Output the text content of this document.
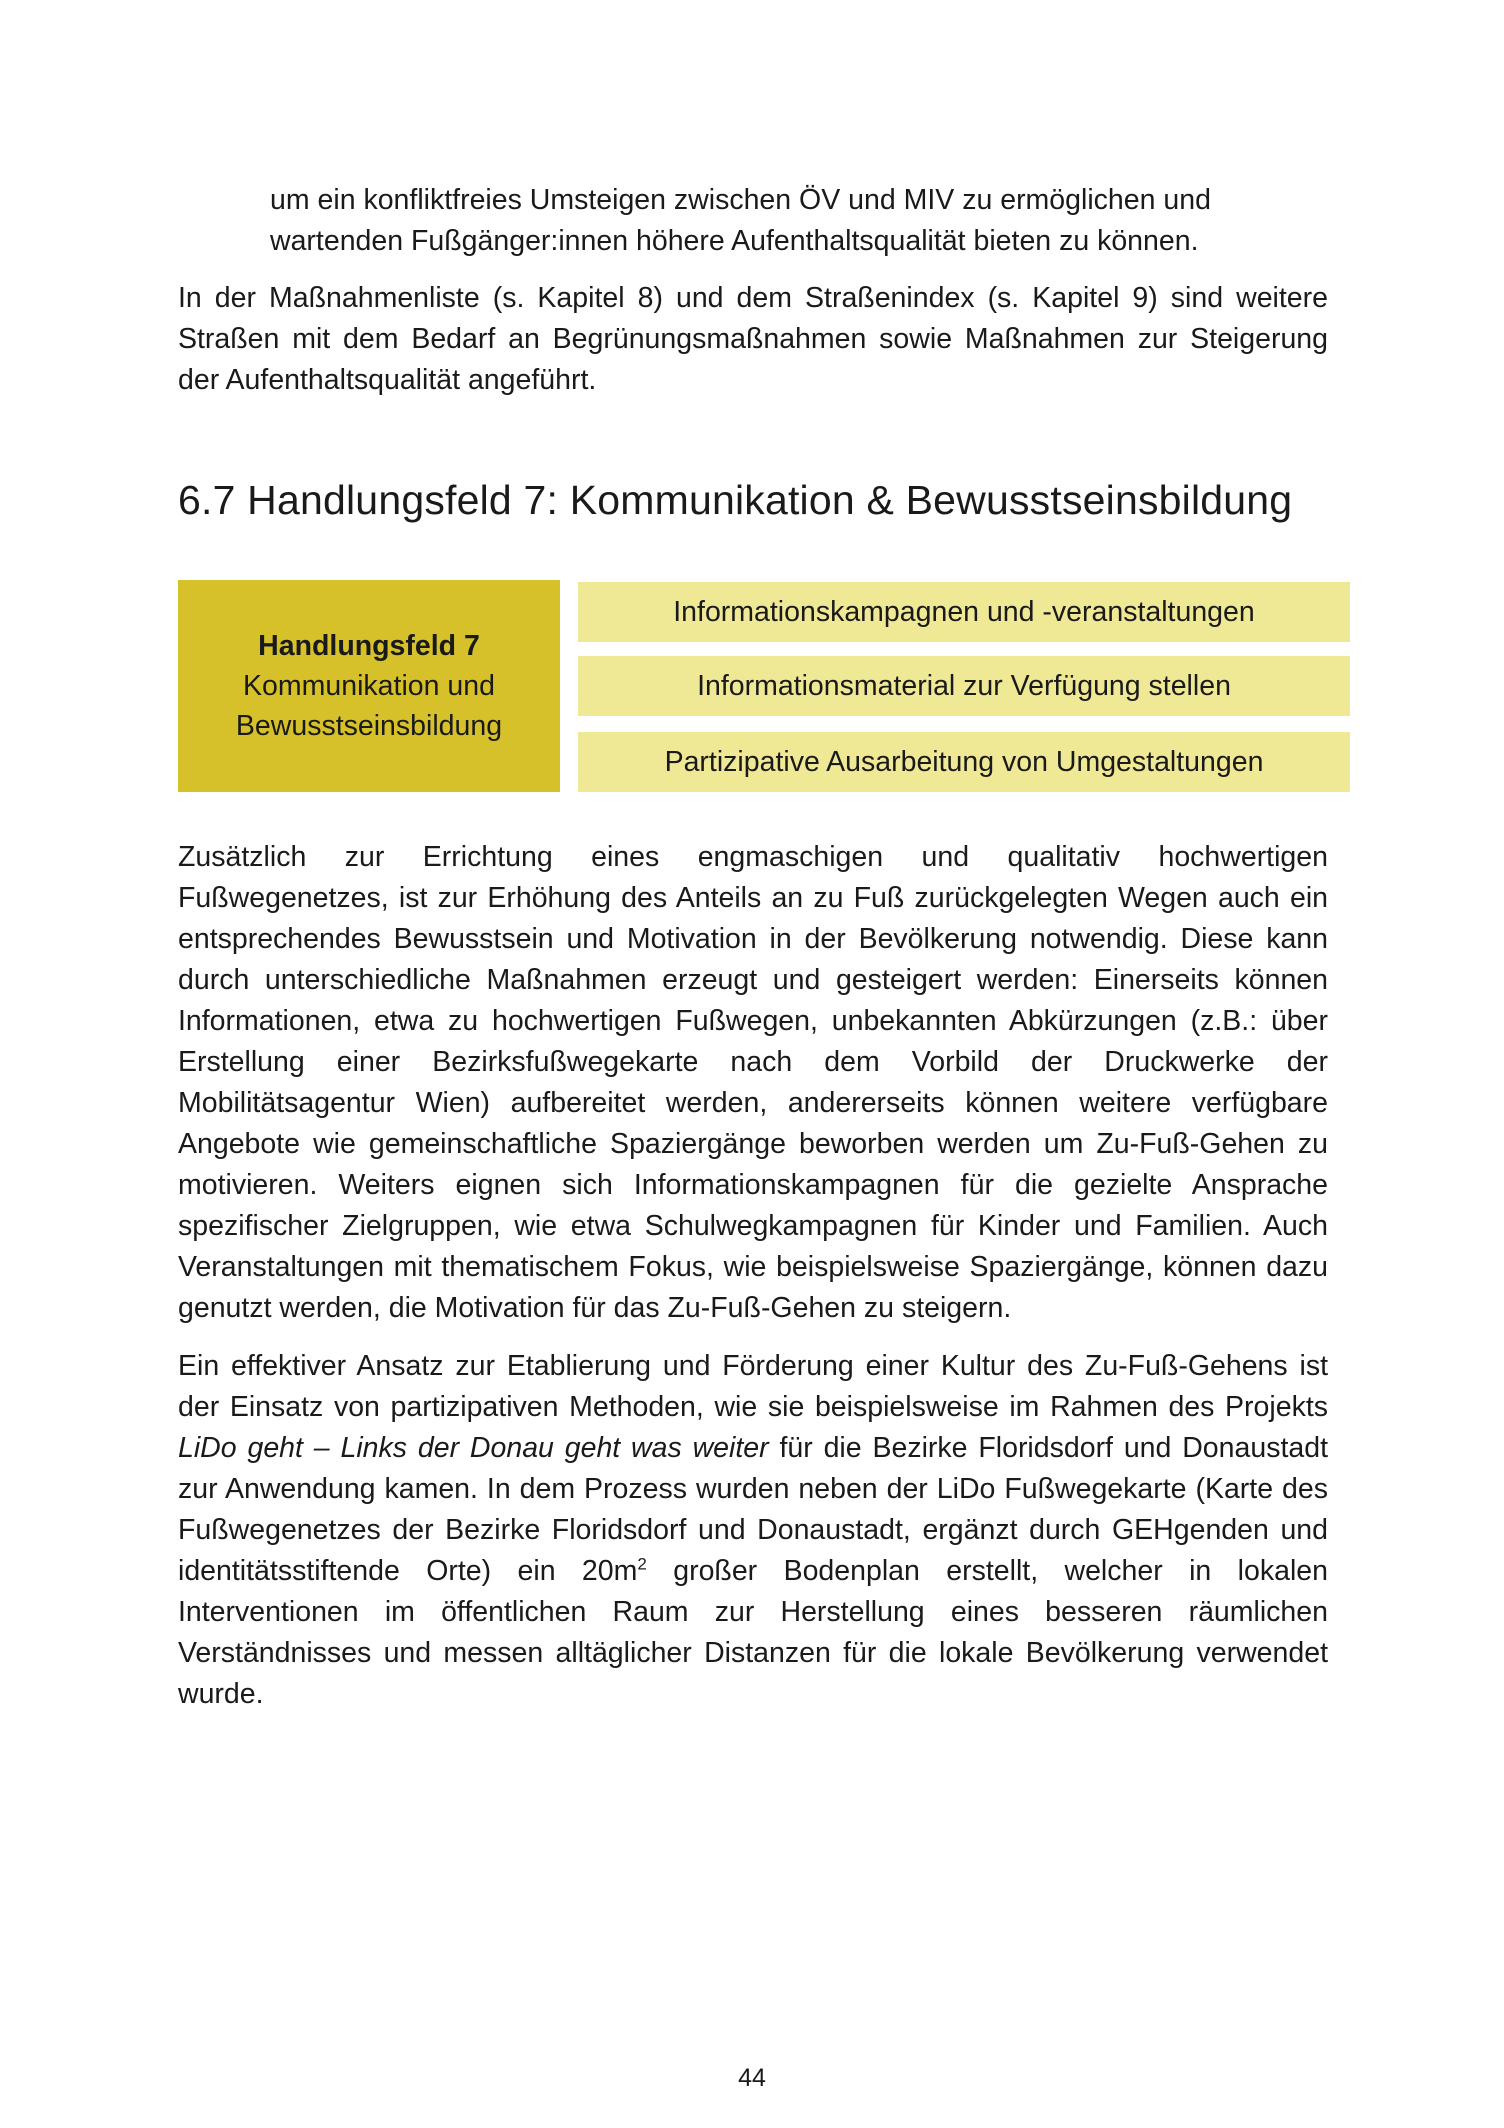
um ein konfliktfreies Umsteigen zwischen ÖV und MIV zu ermöglichen und
wartenden Fußgänger:innen höhere Aufenthaltsqualität bieten zu können.

In der Maßnahmenliste (s. Kapitel 8) und dem Straßenindex (s. Kapitel 9) sind weitere Straßen mit dem Bedarf an Begrünungsmaßnahmen sowie Maßnahmen zur Steigerung der Aufenthaltsqualität angeführt.

6.7 Handlungsfeld 7: Kommunikation & Bewusstseinsbildung
Handlungsfeld 7
Kommunikation und
Bewusstseinsbildung
Informationskampagnen und -veranstaltungen
Informationsmaterial zur Verfügung stellen
Partizipative Ausarbeitung von Umgestaltungen

Zusätzlich zur Errichtung eines engmaschigen und qualitativ hochwertigen Fußwegenetzes, ist zur Erhöhung des Anteils an zu Fuß zurückgelegten Wegen auch ein entsprechendes Bewusstsein und Motivation in der Bevölkerung notwendig. Diese kann durch unterschiedliche Maßnahmen erzeugt und gesteigert werden: Einerseits können Informationen, etwa zu hochwertigen Fußwegen, unbekannten Abkürzungen (z.B.: über Erstellung einer Bezirksfußwegekarte nach dem Vorbild der Druckwerke der Mobilitätsagentur Wien) aufbereitet werden, andererseits können weitere verfügbare Angebote wie gemeinschaftliche Spaziergänge beworben werden um Zu-Fuß-Gehen zu motivieren. Weiters eignen sich Informationskampagnen für die gezielte Ansprache spezifischer Zielgruppen, wie etwa Schulwegkampagnen für Kinder und Familien. Auch Veranstaltungen mit thematischem Fokus, wie beispielsweise Spaziergänge, können dazu genutzt werden, die Motivation für das Zu-Fuß-Gehen zu steigern.

Ein effektiver Ansatz zur Etablierung und Förderung einer Kultur des Zu-Fuß-Gehens ist der Einsatz von partizipativen Methoden, wie sie beispielsweise im Rahmen des Projekts LiDo geht – Links der Donau geht was weiter für die Bezirke Floridsdorf und Donaustadt zur Anwendung kamen. In dem Prozess wurden neben der LiDo Fußwegekarte (Karte des Fußwegenetzes der Bezirke Floridsdorf und Donaustadt, ergänzt durch GEHgenden und identitätsstiftende Orte) ein $20m^2$ großer Bodenplan erstellt, welcher in lokalen Interventionen im öffentlichen Raum zur Herstellung eines besseren räumlichen Verständnisses und messen alltäglicher Distanzen für die lokale Bevölkerung verwendet wurde.

44
